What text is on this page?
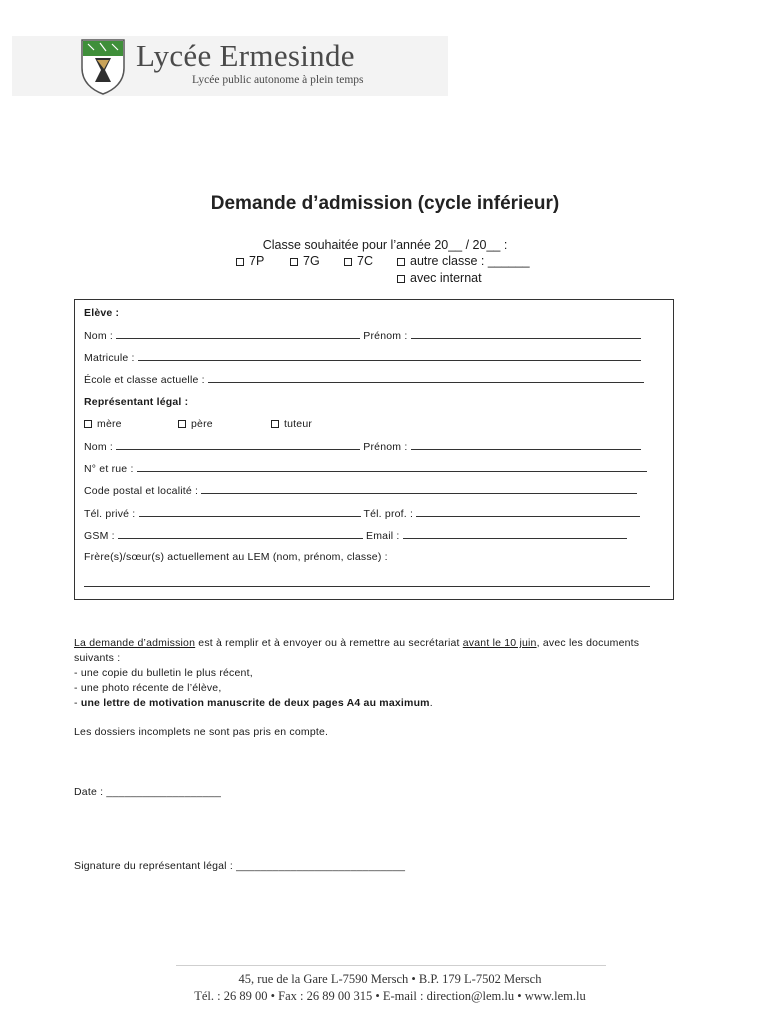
Lycée Ermesinde
Lycée public autonome à plein temps
Demande d’admission (cycle inférieur)
Classe souhaitée pour l’année 20__ / 20__ :
7P	7G	7C	autre classe : ______
avec internat
Elève :
Nom :	Prénom :
Matricule :
École et classe actuelle :
Représentant légal :
mère	père	tuteur
Nom :	Prénom :
N° et rue :
Code postal et localité :
Tél. privé :	Tél. prof. :
GSM :	Email :
Frère(s)/sœur(s) actuellement au LEM (nom, prénom, classe) :
La demande d’admission est à remplir et à envoyer ou à remettre au secrétariat avant le 10 juin, avec les documents
suivants :
- une copie du bulletin le plus récent,
- une photo récente de l’élève,
- une lettre de motivation manuscrite de deux pages A4 au maximum.
Les dossiers incomplets ne sont pas pris en compte.
Date : ___________________
Signature du représentant légal : ____________________________
45, rue de la Gare L-7590 Mersch • B.P. 179 L-7502 Mersch
Tél. : 26 89 00 • Fax : 26 89 00 315 • E-mail : direction@lem.lu • www.lem.lu
